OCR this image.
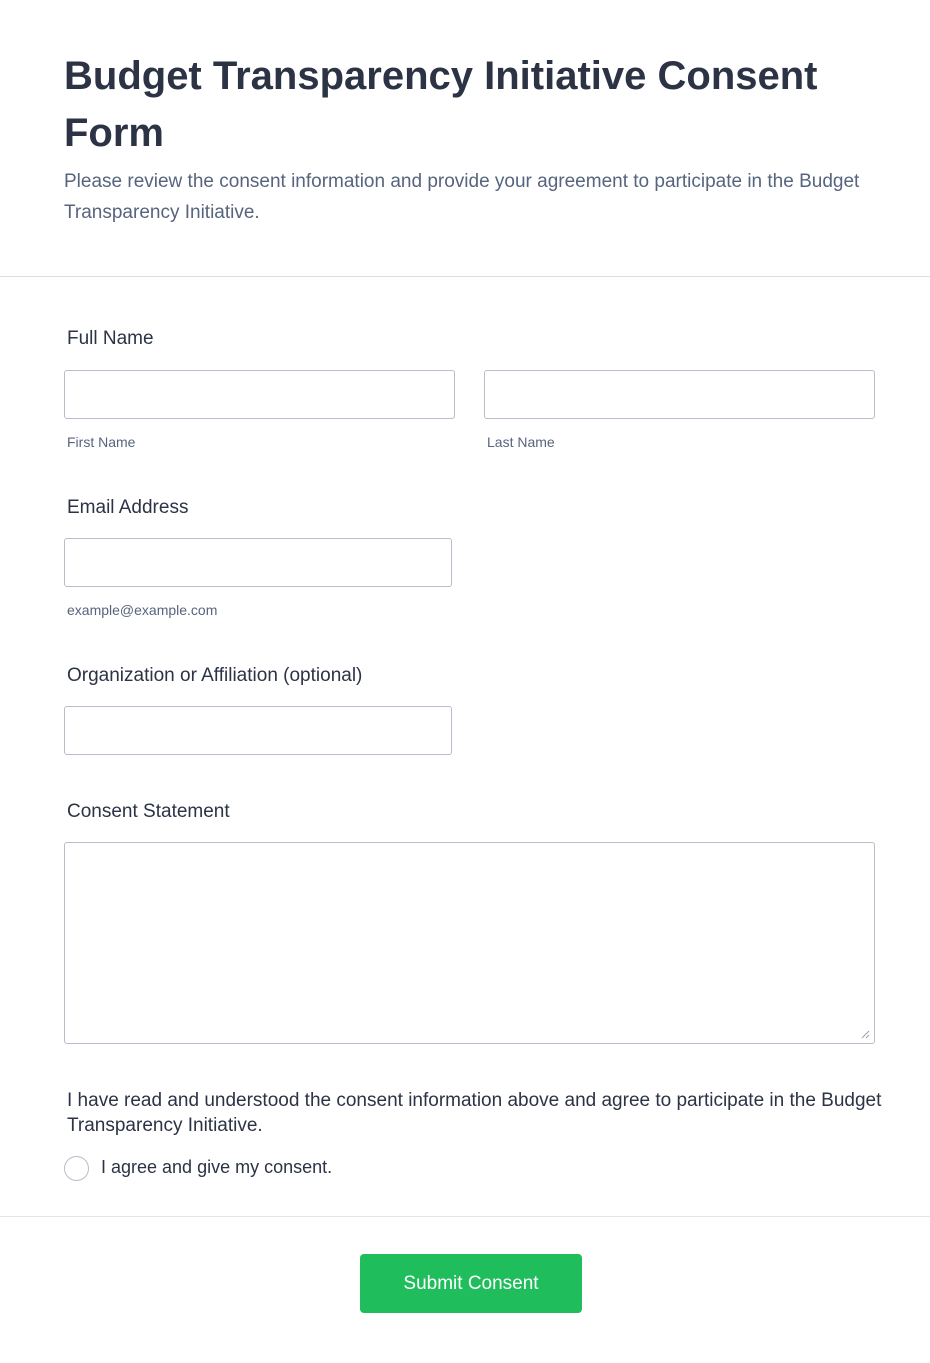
Budget Transparency Initiative Consent Form

Please review the consent information and provide your agreement to participate in the Budget Transparency Initiative.

Full Name
First Name	Last Name
Email Address
example@example.com
Organization or Affiliation (optional)
Consent Statement
I have read and understood the consent information above and agree to participate in the Budget Transparency Initiative.
I agree and give my consent.
Submit Consent
